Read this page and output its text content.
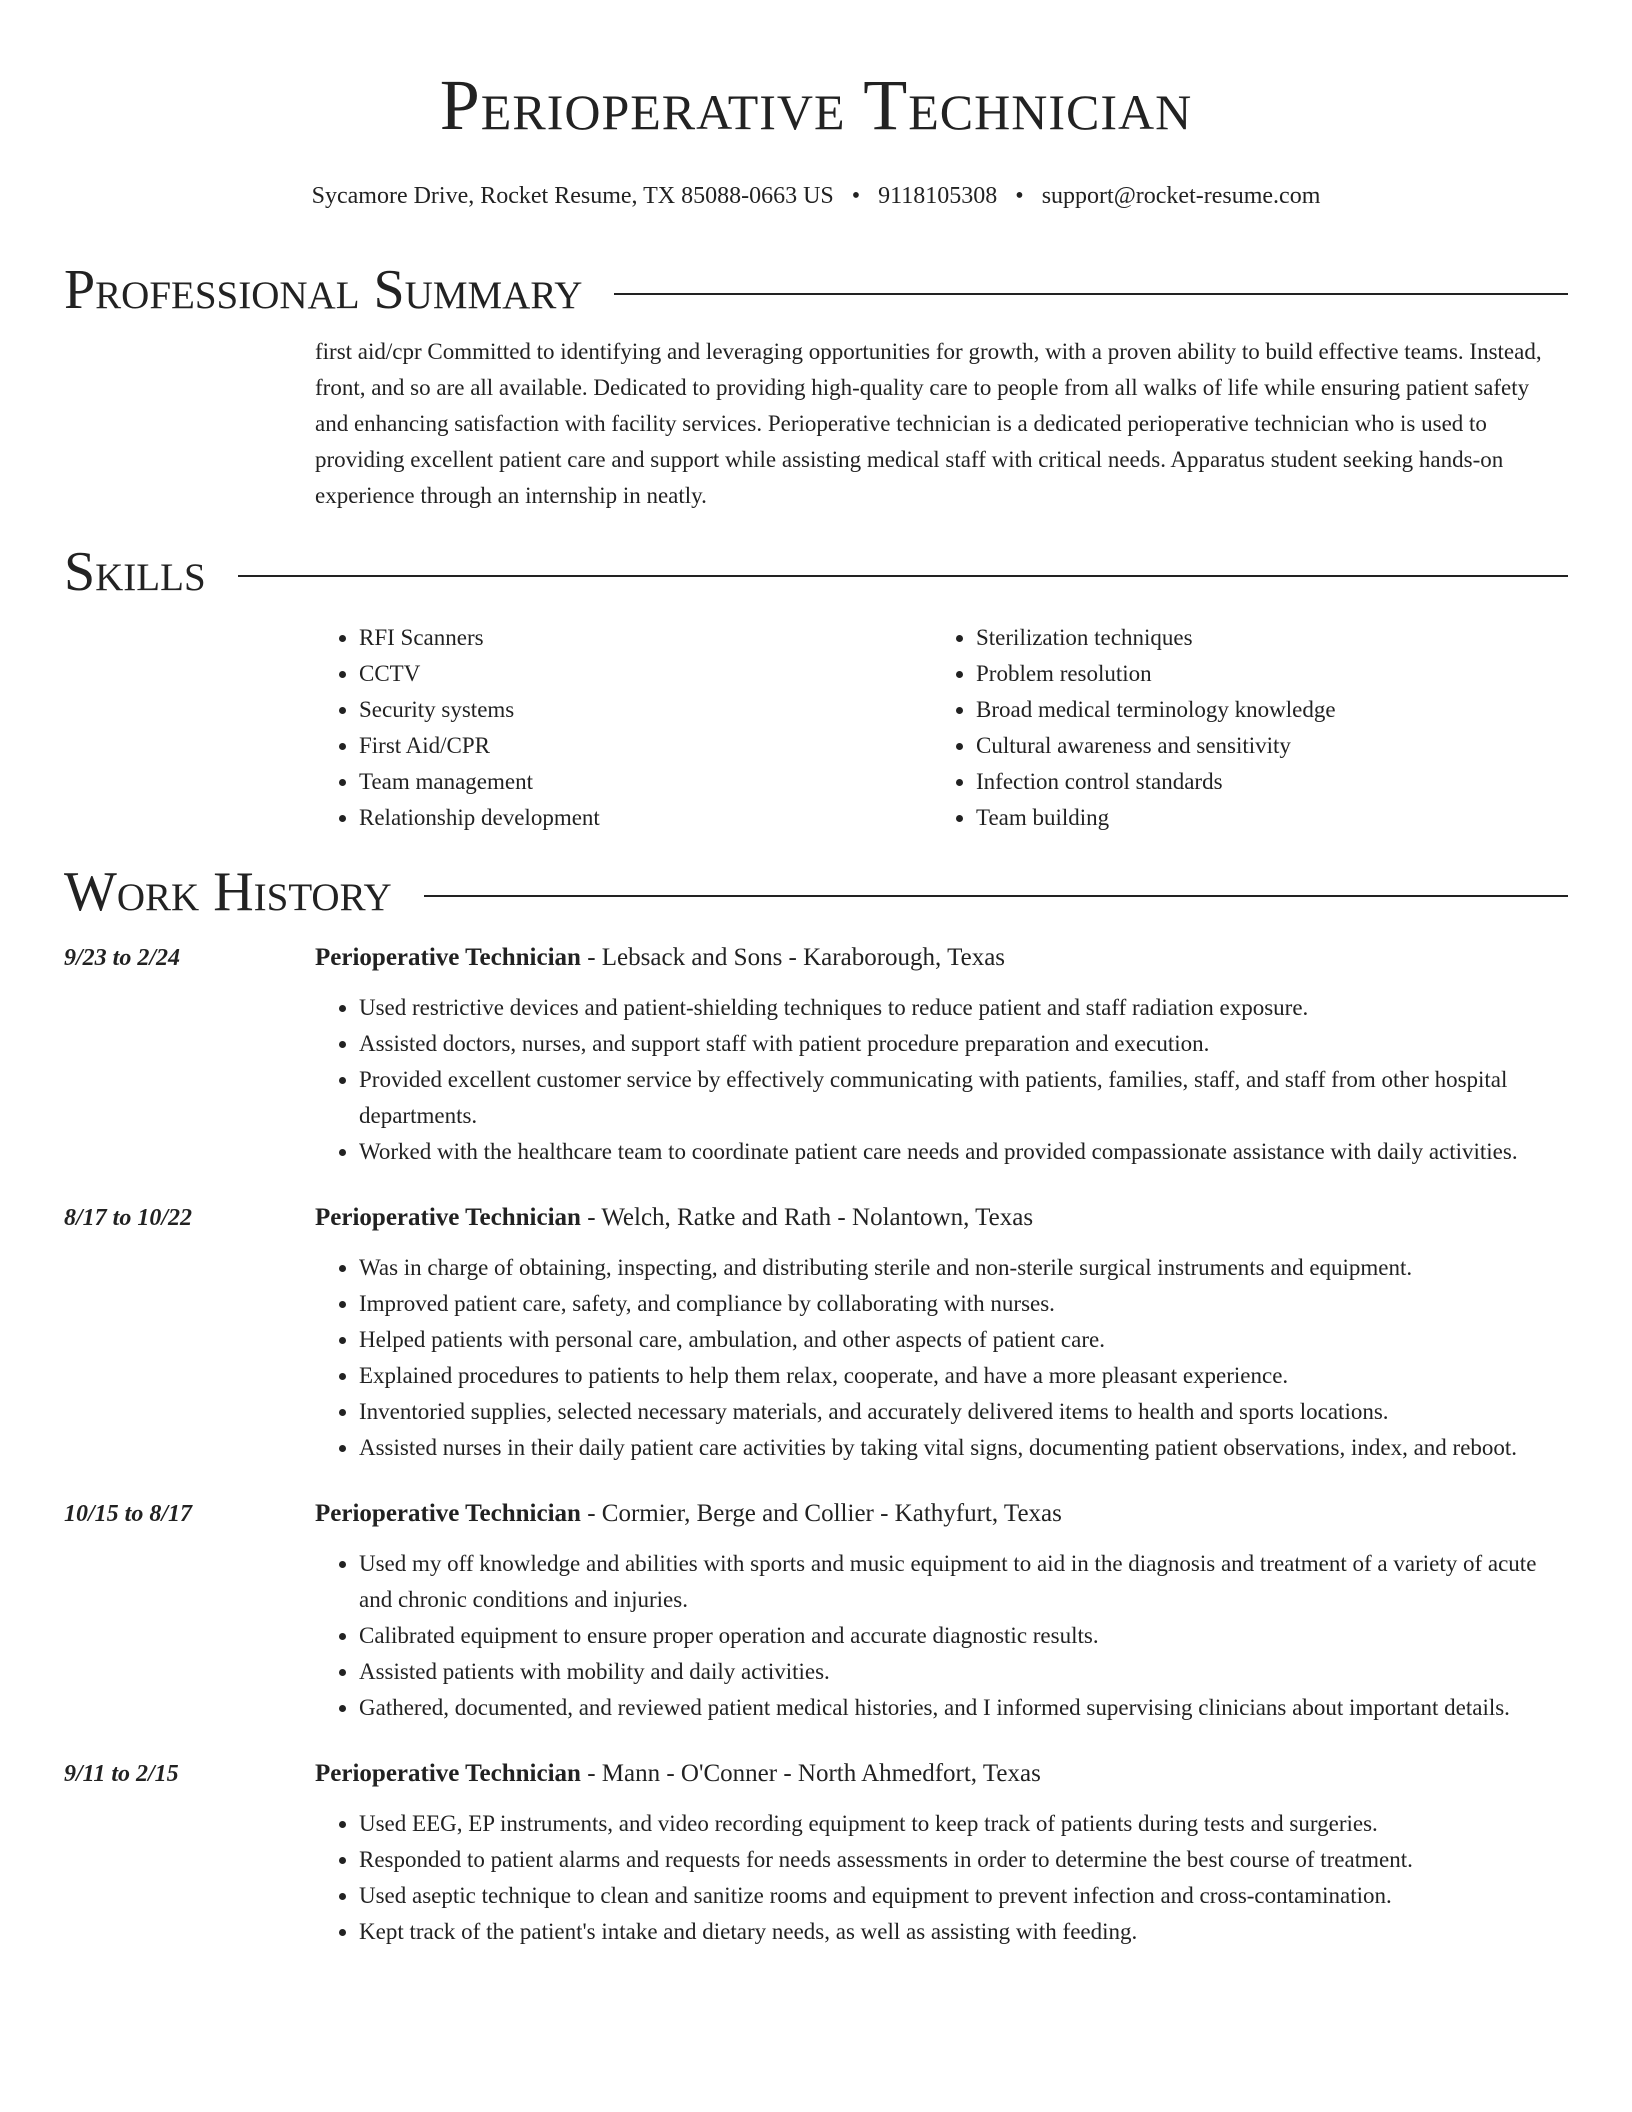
Perioperative Technician
Sycamore Drive, Rocket Resume, TX 85088-0663 US • 9118105308 • support@rocket-resume.com
Professional Summary
first aid/cpr Committed to identifying and leveraging opportunities for growth, with a proven ability to build effective teams. Instead, front, and so are all available. Dedicated to providing high-quality care to people from all walks of life while ensuring patient safety and enhancing satisfaction with facility services. Perioperative technician is a dedicated perioperative technician who is used to providing excellent patient care and support while assisting medical staff with critical needs. Apparatus student seeking hands-on experience through an internship in neatly.
Skills
• RFI Scanners
• CCTV
• Security systems
• First Aid/CPR
• Team management
• Relationship development
• Sterilization techniques
• Problem resolution
• Broad medical terminology knowledge
• Cultural awareness and sensitivity
• Infection control standards
• Team building
Work History
9/23 to 2/24	Perioperative Technician - Lebsack and Sons - Karaborough, Texas
• Used restrictive devices and patient-shielding techniques to reduce patient and staff radiation exposure.
• Assisted doctors, nurses, and support staff with patient procedure preparation and execution.
• Provided excellent customer service by effectively communicating with patients, families, staff, and staff from other hospital departments.
• Worked with the healthcare team to coordinate patient care needs and provided compassionate assistance with daily activities.
8/17 to 10/22	Perioperative Technician - Welch, Ratke and Rath - Nolantown, Texas
• Was in charge of obtaining, inspecting, and distributing sterile and non-sterile surgical instruments and equipment.
• Improved patient care, safety, and compliance by collaborating with nurses.
• Helped patients with personal care, ambulation, and other aspects of patient care.
• Explained procedures to patients to help them relax, cooperate, and have a more pleasant experience.
• Inventoried supplies, selected necessary materials, and accurately delivered items to health and sports locations.
• Assisted nurses in their daily patient care activities by taking vital signs, documenting patient observations, index, and reboot.
10/15 to 8/17	Perioperative Technician - Cormier, Berge and Collier - Kathyfurt, Texas
• Used my off knowledge and abilities with sports and music equipment to aid in the diagnosis and treatment of a variety of acute and chronic conditions and injuries.
• Calibrated equipment to ensure proper operation and accurate diagnostic results.
• Assisted patients with mobility and daily activities.
• Gathered, documented, and reviewed patient medical histories, and I informed supervising clinicians about important details.
9/11 to 2/15	Perioperative Technician - Mann - O'Conner - North Ahmedfort, Texas
• Used EEG, EP instruments, and video recording equipment to keep track of patients during tests and surgeries.
• Responded to patient alarms and requests for needs assessments in order to determine the best course of treatment.
• Used aseptic technique to clean and sanitize rooms and equipment to prevent infection and cross-contamination.
• Kept track of the patient's intake and dietary needs, as well as assisting with feeding.
